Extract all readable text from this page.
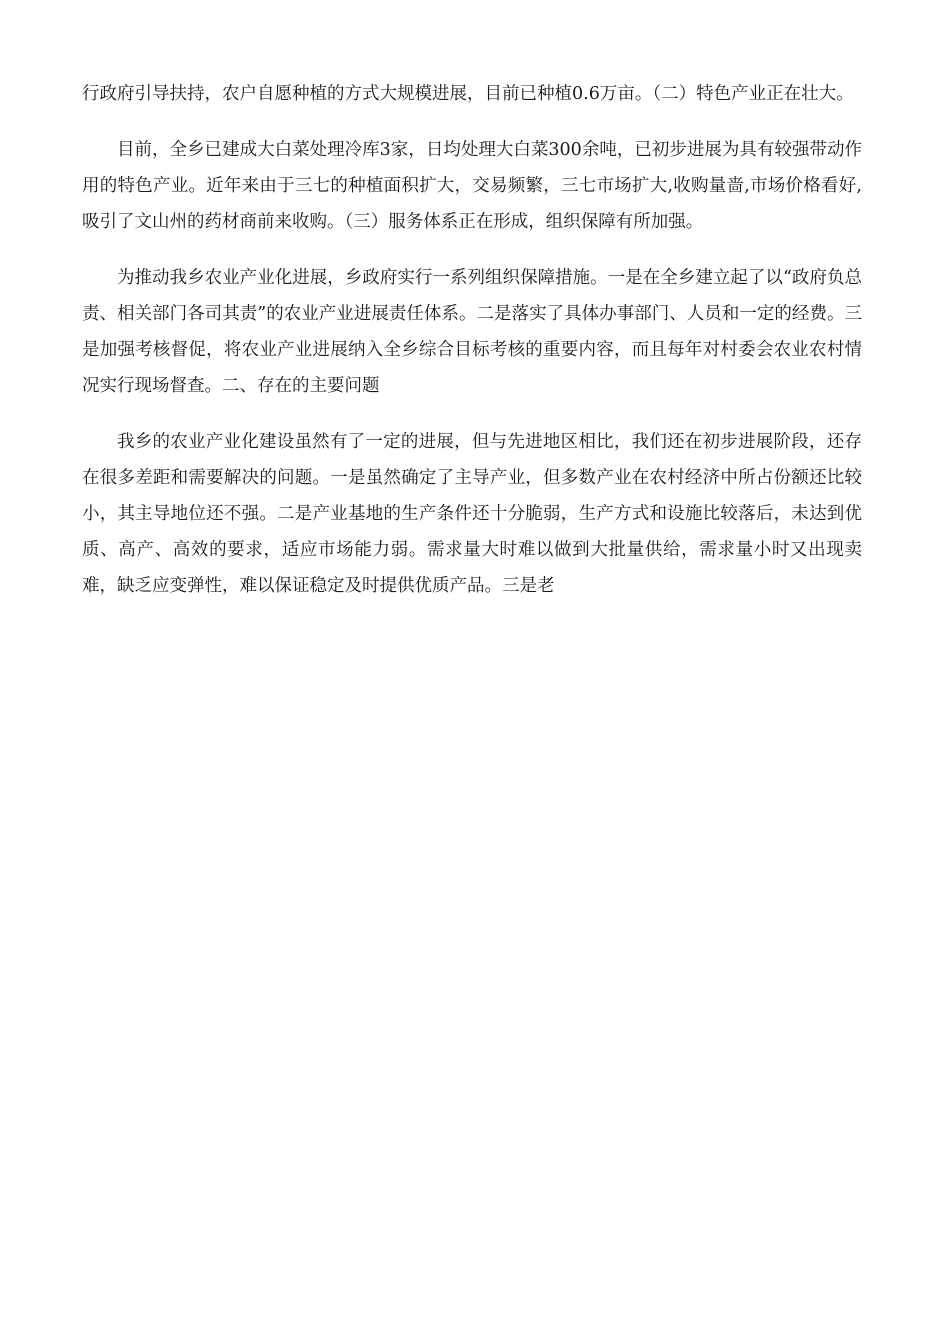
行政府引导扶持，农户自愿种植的方式大规模进展，目前已种植0.6万亩。（二）特色产业正在壮大。

目前，全乡已建成大白菜处理冷库3家，日均处理大白菜300余吨，已初步进展为具有较强带动作用的特色产业。近年来由于三七的种植面积扩大，交易频繁，三七市场扩大,收购量啬,市场价格看好,吸引了文山州的药材商前来收购。（三）服务体系正在形成，组织保障有所加强。

为推动我乡农业产业化进展，乡政府实行一系列组织保障措施。一是在全乡建立起了以“政府负总责、相关部门各司其责”的农业产业进展责任体系。二是落实了具体办事部门、人员和一定的经费。三是加强考核督促，将农业产业进展纳入全乡综合目标考核的重要内容，而且每年对村委会农业农村情况实行现场督查。二、存在的主要问题

我乡的农业产业化建设虽然有了一定的进展，但与先进地区相比，我们还在初步进展阶段，还存在很多差距和需要解决的问题。一是虽然确定了主导产业，但多数产业在农村经济中所占份额还比较小，其主导地位还不强。二是产业基地的生产条件还十分脆弱，生产方式和设施比较落后，未达到优质、高产、高效的要求，适应市场能力弱。需求量大时难以做到大批量供给，需求量小时又出现卖难，缺乏应变弹性，难以保证稳定及时提供优质产品。三是老
